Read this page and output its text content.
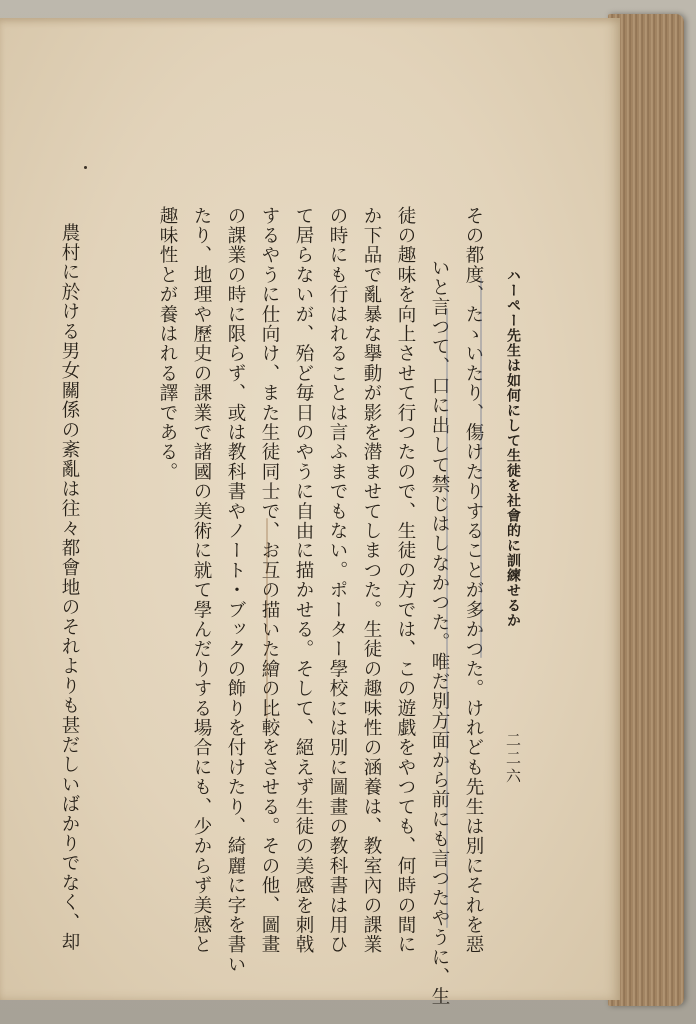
ハーペー先生は如何にして生徒を社會的に訓練せるか
二二六
その都度、たゝいたり、傷けたりすることが多かつた。けれども先生は別にそれを惡
いと言つて、口に出して禁じはしなかつた。唯だ別方面から前にも言つたやうに、生
徒の趣味を向上させて行つたので、生徒の方では、この遊戯をやつても、何時の間に
か下品で亂暴な擧動が影を潜ませてしまつた。生徒の趣味性の涵養は、教室內の課業
の時にも行はれることは言ふまでもない。ポーター學校には別に圖畫の教科書は用ひ
て居らないが、殆ど毎日のやうに自由に描かせる。そして、絕えず生徒の美感を刺戟
するやうに仕向け、また生徒同士で、お互の描いた繪の比較をさせる。その他、圖畫
の課業の時に限らず、或は教科書やノート・ブックの飾りを付けたり、綺麗に字を書い
たり、地理や歷史の課業で諸國の美術に就て學んだりする場合にも、少からず美感と
趣味性とが養はれる譯である。
農村に於ける男女關係の紊亂は往々都會地のそれよりも甚だしいばかりでなく、却
